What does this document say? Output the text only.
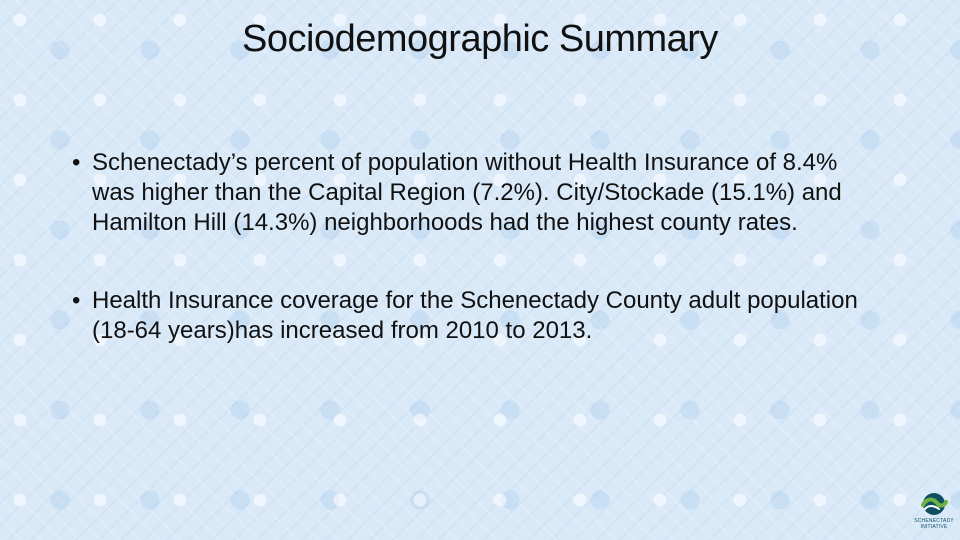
Sociodemographic Summary
• Schenectady’s percent of population without Health Insurance of 8.4% was higher than the Capital Region (7.2%). City/Stockade (15.1%) and Hamilton Hill (14.3%) neighborhoods had the highest county rates.
• Health Insurance coverage for the Schenectady County adult population (18-64 years)has increased from 2010 to 2013.
SCHENECTADY
INITIATIVE
